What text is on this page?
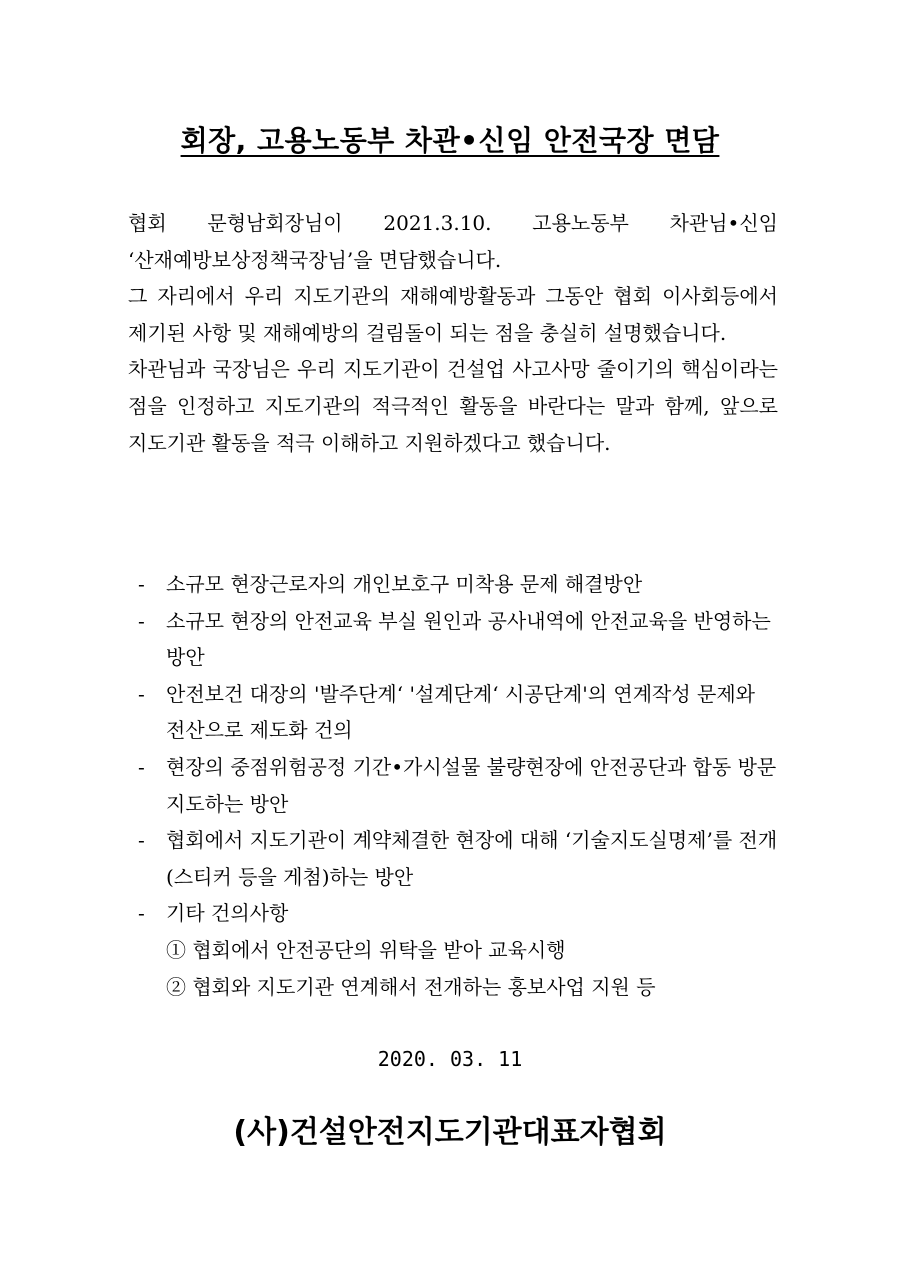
회장, 고용노동부 차관•신임 안전국장 면담

협회 문형남회장님이 2021.3.10. 고용노동부 차관님•신임 ‘산재예방보상정책국장님’을 면담했습니다.

그 자리에서 우리 지도기관의 재해예방활동과 그동안 협회 이사회등에서 제기된 사항 및 재해예방의 걸림돌이 되는 점을 충실히 설명했습니다.

차관님과 국장님은 우리 지도기관이 건설업 사고사망 줄이기의 핵심이라는 점을 인정하고 지도기관의 적극적인 활동을 바란다는 말과 함께, 앞으로 지도기관 활동을 적극 이해하고 지원하겠다고 했습니다.

-	소규모 현장근로자의 개인보호구 미착용 문제 해결방안
-	소규모 현장의 안전교육 부실 원인과 공사내역에 안전교육을 반영하는 방안
-	안전보건 대장의 '발주단계‘ '설계단계‘ 시공단계'의 연계작성 문제와 전산으로 제도화 건의
-	현장의 중점위험공정 기간•가시설물 불량현장에 안전공단과 합동 방문지도하는 방안
-	협회에서 지도기관이 계약체결한 현장에 대해 ‘기술지도실명제’를 전개(스티커 등을 게첨)하는 방안
-	기타 건의사항
① 협회에서 안전공단의 위탁을 받아 교육시행
② 협회와 지도기관 연계해서 전개하는 홍보사업 지원 등
2020. 03. 11
(사)건설안전지도기관대표자협회
